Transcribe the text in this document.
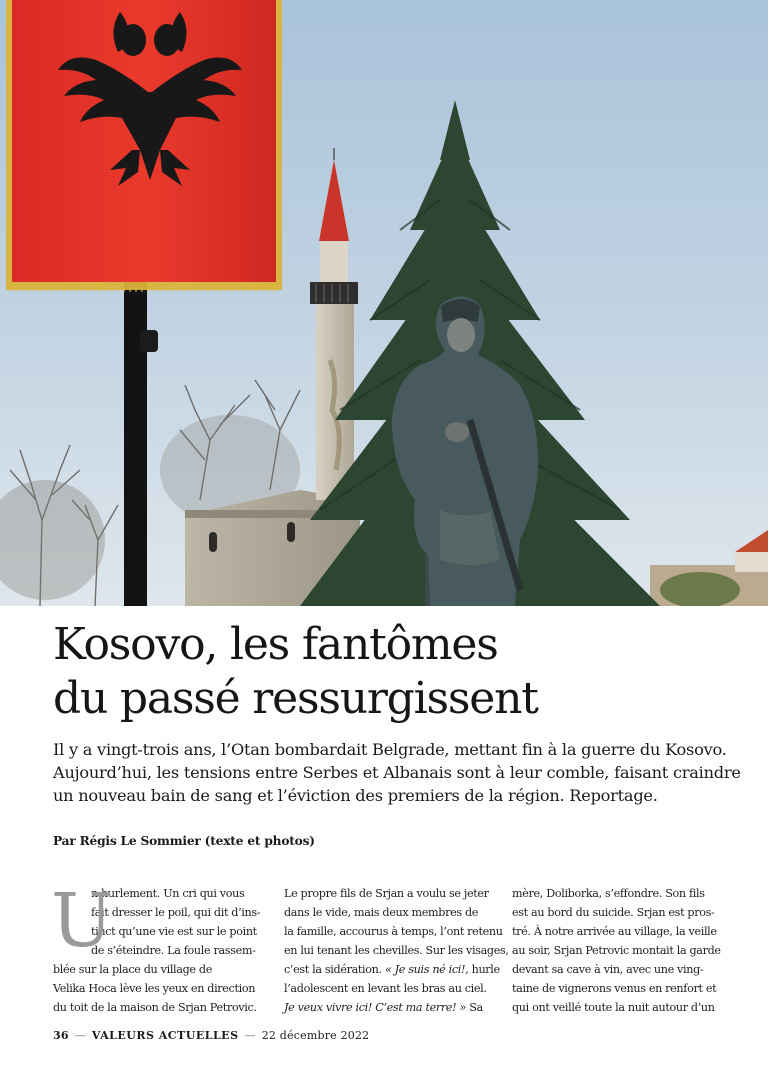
Kosovo, les fantômes
du passé ressurgissent

Il y a vingt-trois ans, l’Otan bombardait Belgrade, mettant fin à la guerre du Kosovo.
Aujourd’hui, les tensions entre Serbes et Albanais sont à leur comble, faisant craindre
un nouveau bain de sang et l’éviction des premiers de la région. Reportage.

Par Régis Le Sommier (texte et photos)

U
n hurlement. Un cri qui vous
fait dresser le poil, qui dit d’ins-
tinct qu’une vie est sur le point
de s’éteindre. La foule rassem-
blée sur la place du village de
Velika Hoca lève les yeux en direction
du toit de la maison de Srjan Petrovic.
Le propre fils de Srjan a voulu se jeter
dans le vide, mais deux membres de
la famille, accourus à temps, l’ont retenu
en lui tenant les chevilles. Sur les visages,
c’est la sidération. « Je suis né ici!, hurle
l’adolescent en levant les bras au ciel.
Je veux vivre ici! C’est ma terre! » Sa
mère, Doliborka, s’effondre. Son fils
est au bord du suicide. Srjan est pros-
tré. À notre arrivée au village, la veille
au soir, Srjan Petrovic montait la garde
devant sa cave à vin, avec une ving-
taine de vignerons venus en renfort et
qui ont veillé toute la nuit autour d’un
36 — VALEURS ACTUELLES — 22 décembre 2022
